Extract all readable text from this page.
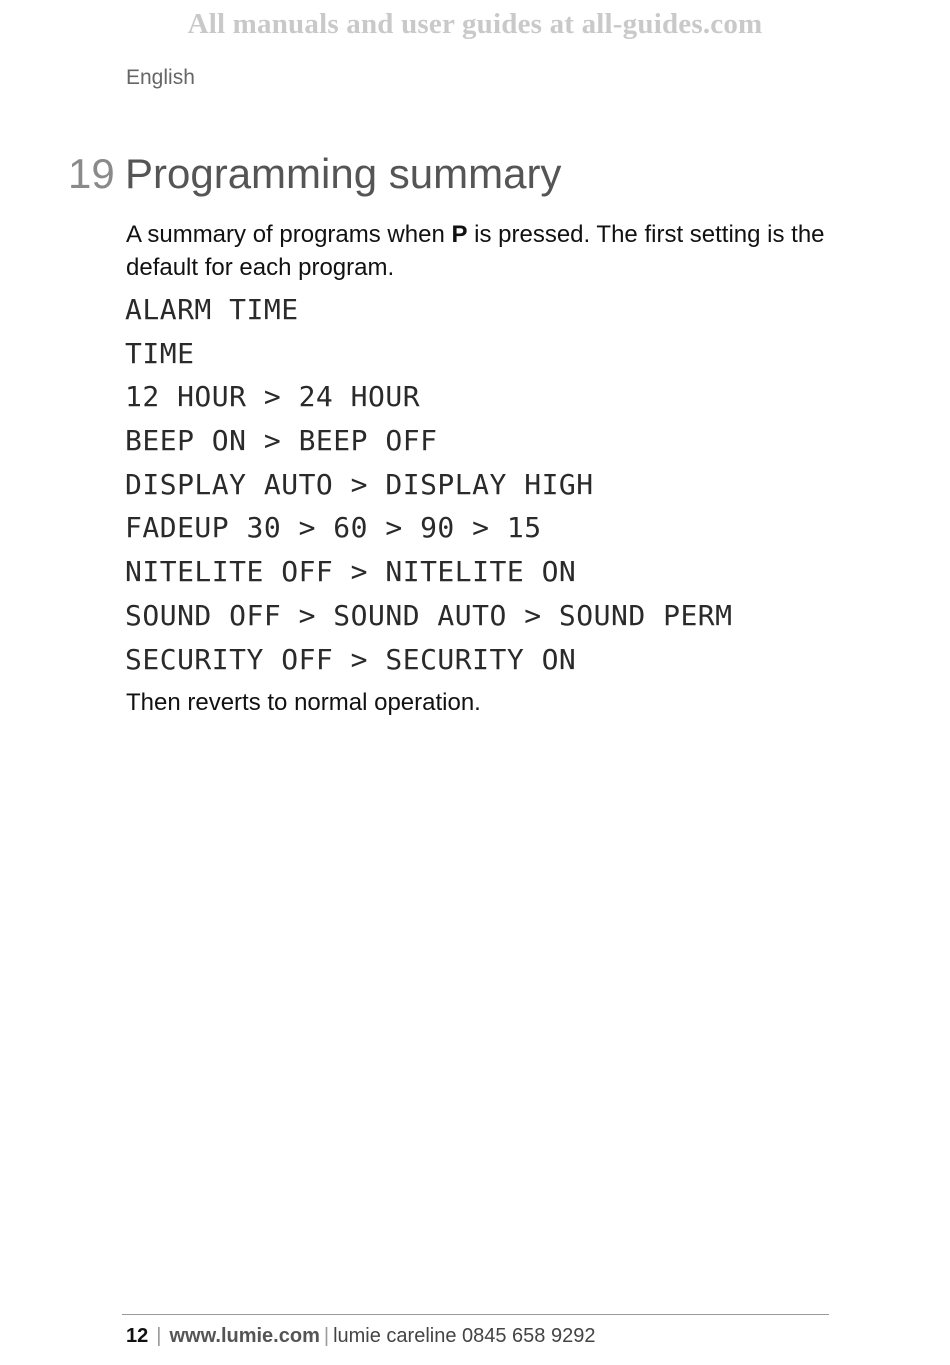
All manuals and user guides at all-guides.com
English
19 Programming summary
A summary of programs when P is pressed. The first setting is the default for each program.
ALARM TIME
TIME
12 HOUR > 24 HOUR
BEEP ON > BEEP OFF
DISPLAY AUTO > DISPLAY HIGH
FADEUP 30 > 60 > 90 > 15
NITELITE OFF > NITELITE ON
SOUND OFF > SOUND AUTO > SOUND PERM
SECURITY OFF > SECURITY ON
Then reverts to normal operation.
12 | www.lumie.com | lumie careline 0845 658 9292
